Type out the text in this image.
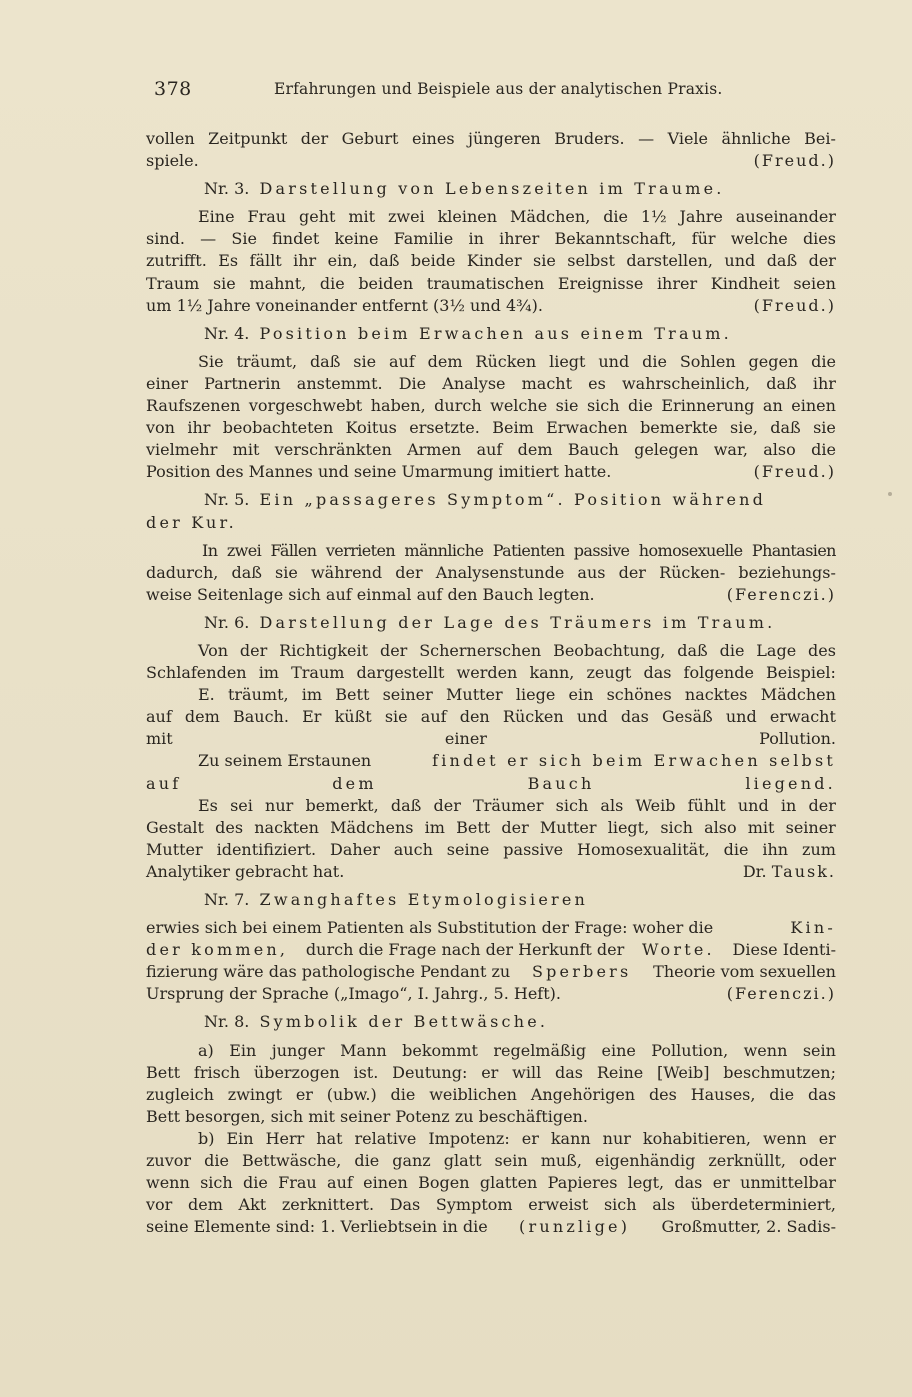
378	Erfahrungen und Beispiele aus der analytischen Praxis.

vollen Zeitpunkt der Geburt eines jüngeren Bruders. — Viele ähnliche Bei-
spiele.	(Freud.)

Nr. 3. Darstellung von Lebenszeiten im Traume.

Eine Frau geht mit zwei kleinen Mädchen, die 1½ Jahre auseinander
sind. — Sie findet keine Familie in ihrer Bekanntschaft, für welche dies
zutrifft. Es fällt ihr ein, daß beide Kinder sie selbst darstellen, und daß der
Traum sie mahnt, die beiden traumatischen Ereignisse ihrer Kindheit seien
um 1½ Jahre voneinander entfernt (3½ und 4¾).	(Freud.)

Nr. 4. Position beim Erwachen aus einem Traum.

Sie träumt, daß sie auf dem Rücken liegt und die Sohlen gegen die
einer Partnerin anstemmt. Die Analyse macht es wahrscheinlich, daß ihr
Raufszenen vorgeschwebt haben, durch welche sie sich die Erinnerung an einen
von ihr beobachteten Koitus ersetzte. Beim Erwachen bemerkte sie, daß sie
vielmehr mit verschränkten Armen auf dem Bauch gelegen war, also die
Position des Mannes und seine Umarmung imitiert hatte.	(Freud.)

Nr. 5. Ein „passageres Symptom“. Position während
der Kur.

In zwei Fällen verrieten männliche Patienten passive homosexuelle Phantasien
dadurch, daß sie während der Analysenstunde aus der Rücken- beziehungs-
weise Seitenlage sich auf einmal auf den Bauch legten.	(Ferenczi.)

Nr. 6. Darstellung der Lage des Träumers im Traum.

Von der Richtigkeit der Schernerschen Beobachtung, daß die Lage des
Schlafenden im Traum dargestellt werden kann, zeugt das folgende Beispiel:
E. träumt, im Bett seiner Mutter liege ein schönes nacktes Mädchen
auf dem Bauch. Er küßt sie auf den Rücken und das Gesäß und erwacht
mit	einer	Pollution.
Zu seinem Erstaunen	findet er sich beim Erwachen selbst
auf	dem	Bauch	liegend.
Es sei nur bemerkt, daß der Träumer sich als Weib fühlt und in der
Gestalt des nackten Mädchens im Bett der Mutter liegt, sich also mit seiner
Mutter identifiziert. Daher auch seine passive Homosexualität, die ihn zum
Analytiker gebracht hat.	Dr. Tausk.

Nr. 7. Zwanghaftes Etymologisieren

erwies sich bei einem Patienten als Substitution der Frage: woher die	Kin-
der kommen, durch die Frage nach der Herkunft der Worte. Diese Identi-
fizierung wäre das pathologische Pendant zu Sperbers Theorie vom sexuellen
Ursprung der Sprache („Imago“, I. Jahrg., 5. Heft).	(Ferenczi.)

Nr. 8. Symbolik der Bettwäsche.

a) Ein junger Mann bekommt regelmäßig eine Pollution, wenn sein
Bett frisch überzogen ist. Deutung: er will das Reine [Weib] beschmutzen;
zugleich zwingt er (ubw.) die weiblichen Angehörigen des Hauses, die das
Bett besorgen, sich mit seiner Potenz zu beschäftigen.

b) Ein Herr hat relative Impotenz: er kann nur kohabitieren, wenn er
zuvor die Bettwäsche, die ganz glatt sein muß, eigenhändig zerknüllt, oder
wenn sich die Frau auf einen Bogen glatten Papieres legt, das er unmittelbar
vor dem Akt zerknittert. Das Symptom erweist sich als überdeterminiert,
seine Elemente sind: 1. Verliebtsein in die (runzlige) Großmutter, 2. Sadis-
